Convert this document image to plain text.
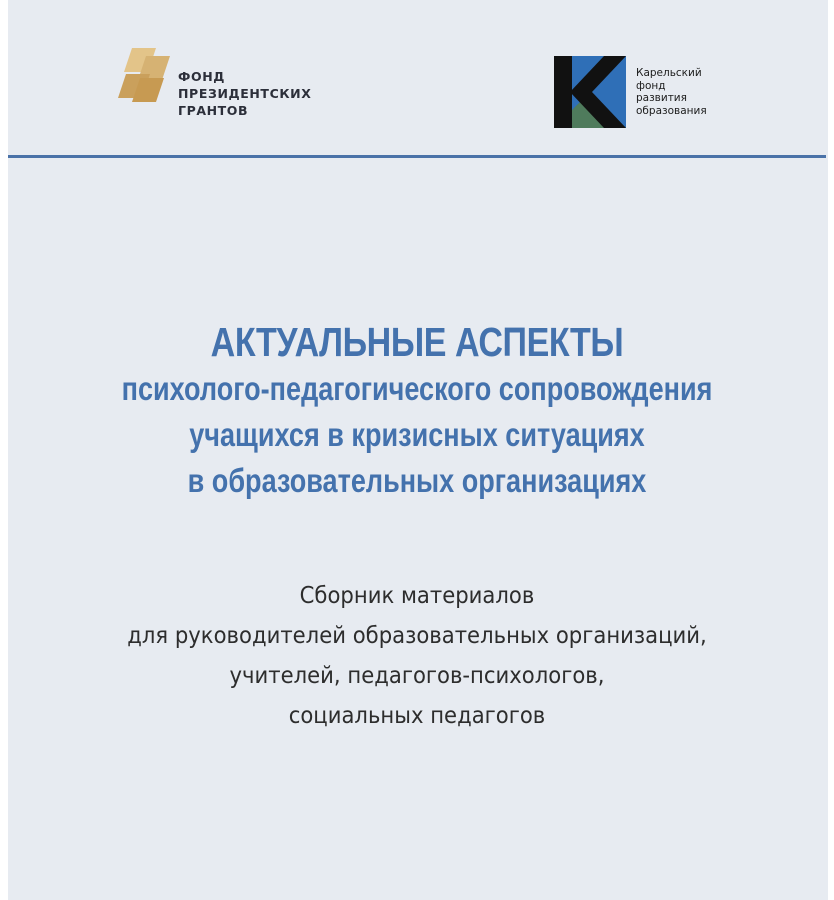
ФОНД
ПРЕЗИДЕНТСКИХ
ГРАНТОВ
Карельский
фонд
развития
образования
АКТУАЛЬНЫЕ АСПЕКТЫ
психолого-педагогического сопровождения
учащихся в кризисных ситуациях
в образовательных организациях
Сборник материалов
для руководителей образовательных организаций,
учителей, педагогов-психологов,
социальных педагогов
